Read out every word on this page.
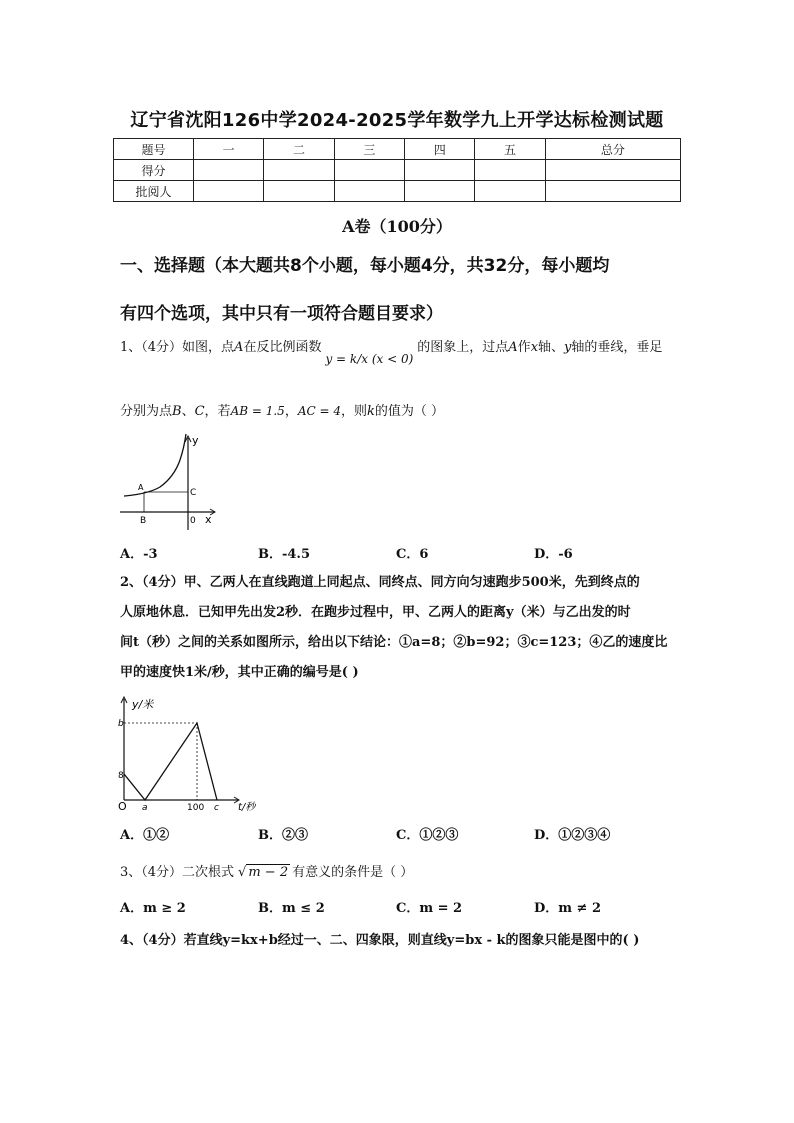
辽宁省沈阳126中学2024-2025学年数学九上开学达标检测试题
题号	一	二	三	四	五	总分
得分						
批阅人						
A卷（100分）
一、选择题（本大题共8个小题，每小题4分，共32分，每小题均
有四个选项，其中只有一项符合题目要求）
1、（4分）如图，点A在反比例函数y = k/x (x < 0)的图象上，过点A作x轴、y轴的垂线，垂足
分别为点B、C，若AB = 1.5，AC = 4，则k的值为（ ）
y
C
A
B	0 x
A．-3	B．-4.5	C．6	D．-6
2、（4分）甲、乙两人在直线跑道上同起点、同终点、同方向匀速跑步500米，先到终点的
人原地休息．已知甲先出发2秒．在跑步过程中，甲、乙两人的距离y（米）与乙出发的时
间t（秒）之间的关系如图所示，给出以下结论：①a=8；②b=92；③c=123；④乙的速度比
甲的速度快1米/秒，其中正确的编号是( )
y/米
b
8
O a	100 c t/秒
A．①②	B．②③	C．①②③	D．①②③④
3、（4分）二次根式 √ m − 2 有意义的条件是（ ）
A．m ≥ 2	B．m ≤ 2	C．m = 2	D．m ≠ 2
4、（4分）若直线y=kx+b经过一、二、四象限，则直线y=bx - k的图象只能是图中的( )
